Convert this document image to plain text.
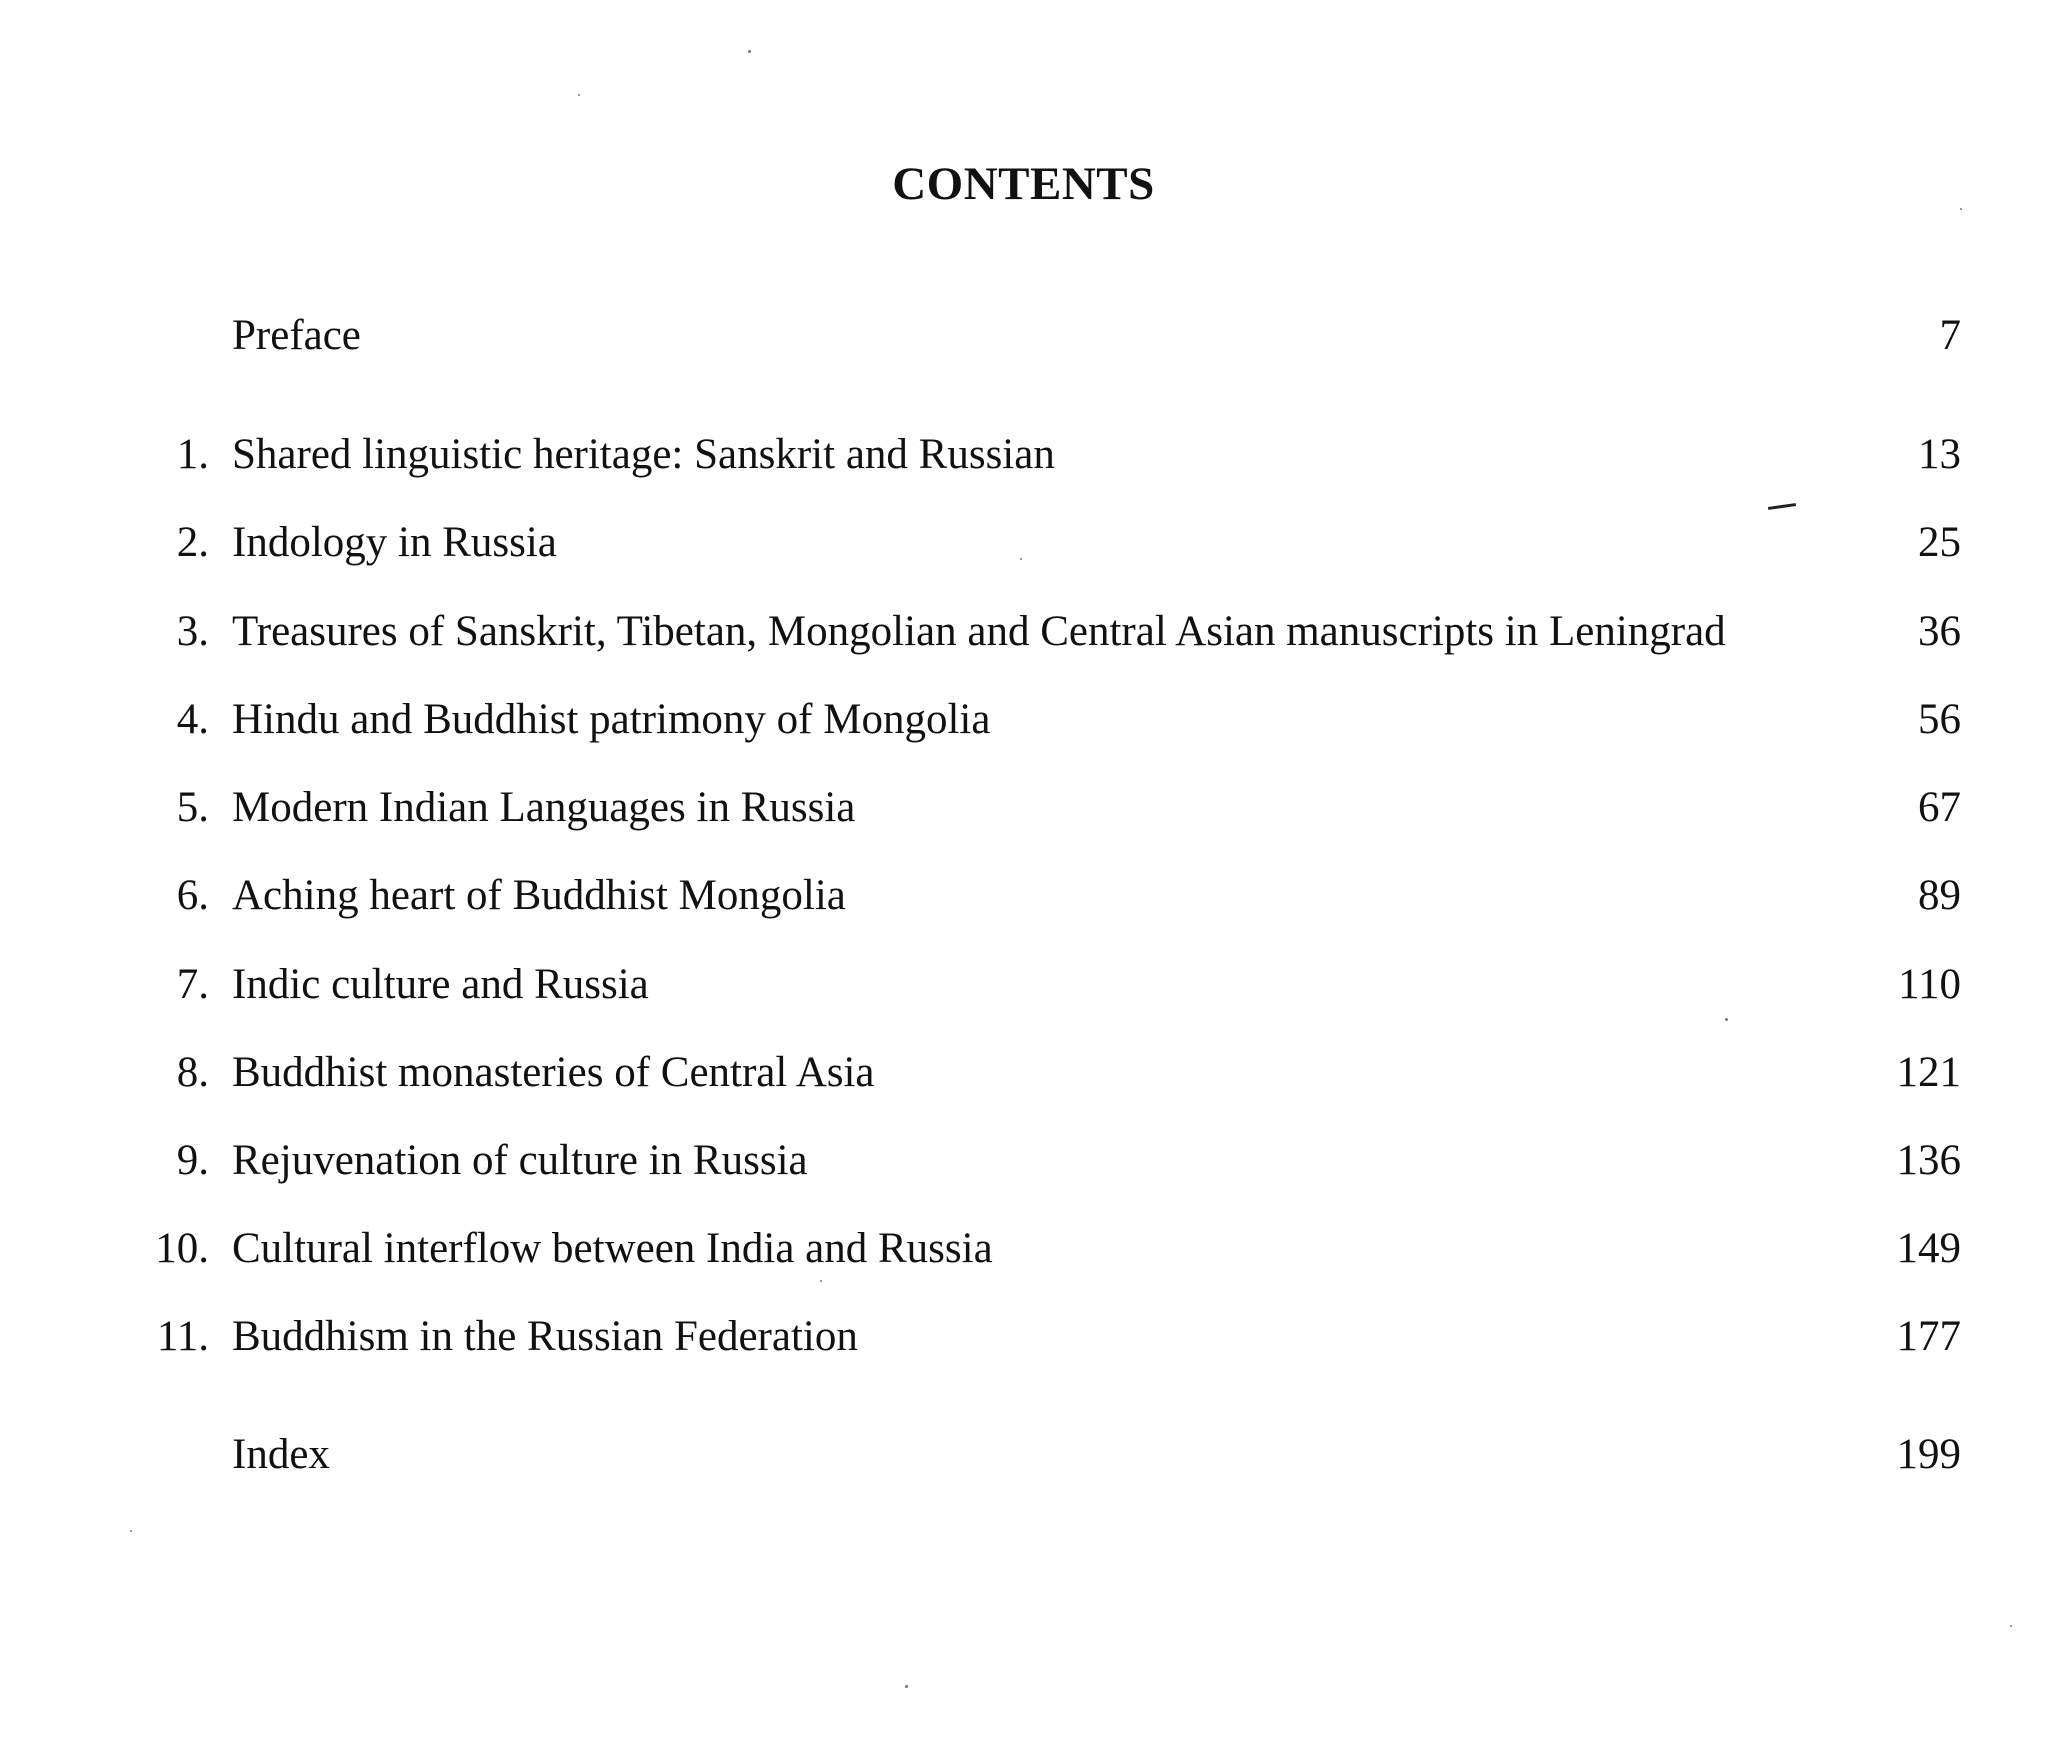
CONTENTS
Preface	7
1. Shared linguistic heritage: Sanskrit and Russian	13
2. Indology in Russia	25
3. Treasures of Sanskrit, Tibetan, Mongolian and Central Asian manuscripts in Leningrad	36
4. Hindu and Buddhist patrimony of Mongolia	56
5. Modern Indian Languages in Russia	67
6. Aching heart of Buddhist Mongolia	89
7. Indic culture and Russia	110
8. Buddhist monasteries of Central Asia	121
9. Rejuvenation of culture in Russia	136
10. Cultural interflow between India and Russia	149
11. Buddhism in the Russian Federation	177
Index	199
